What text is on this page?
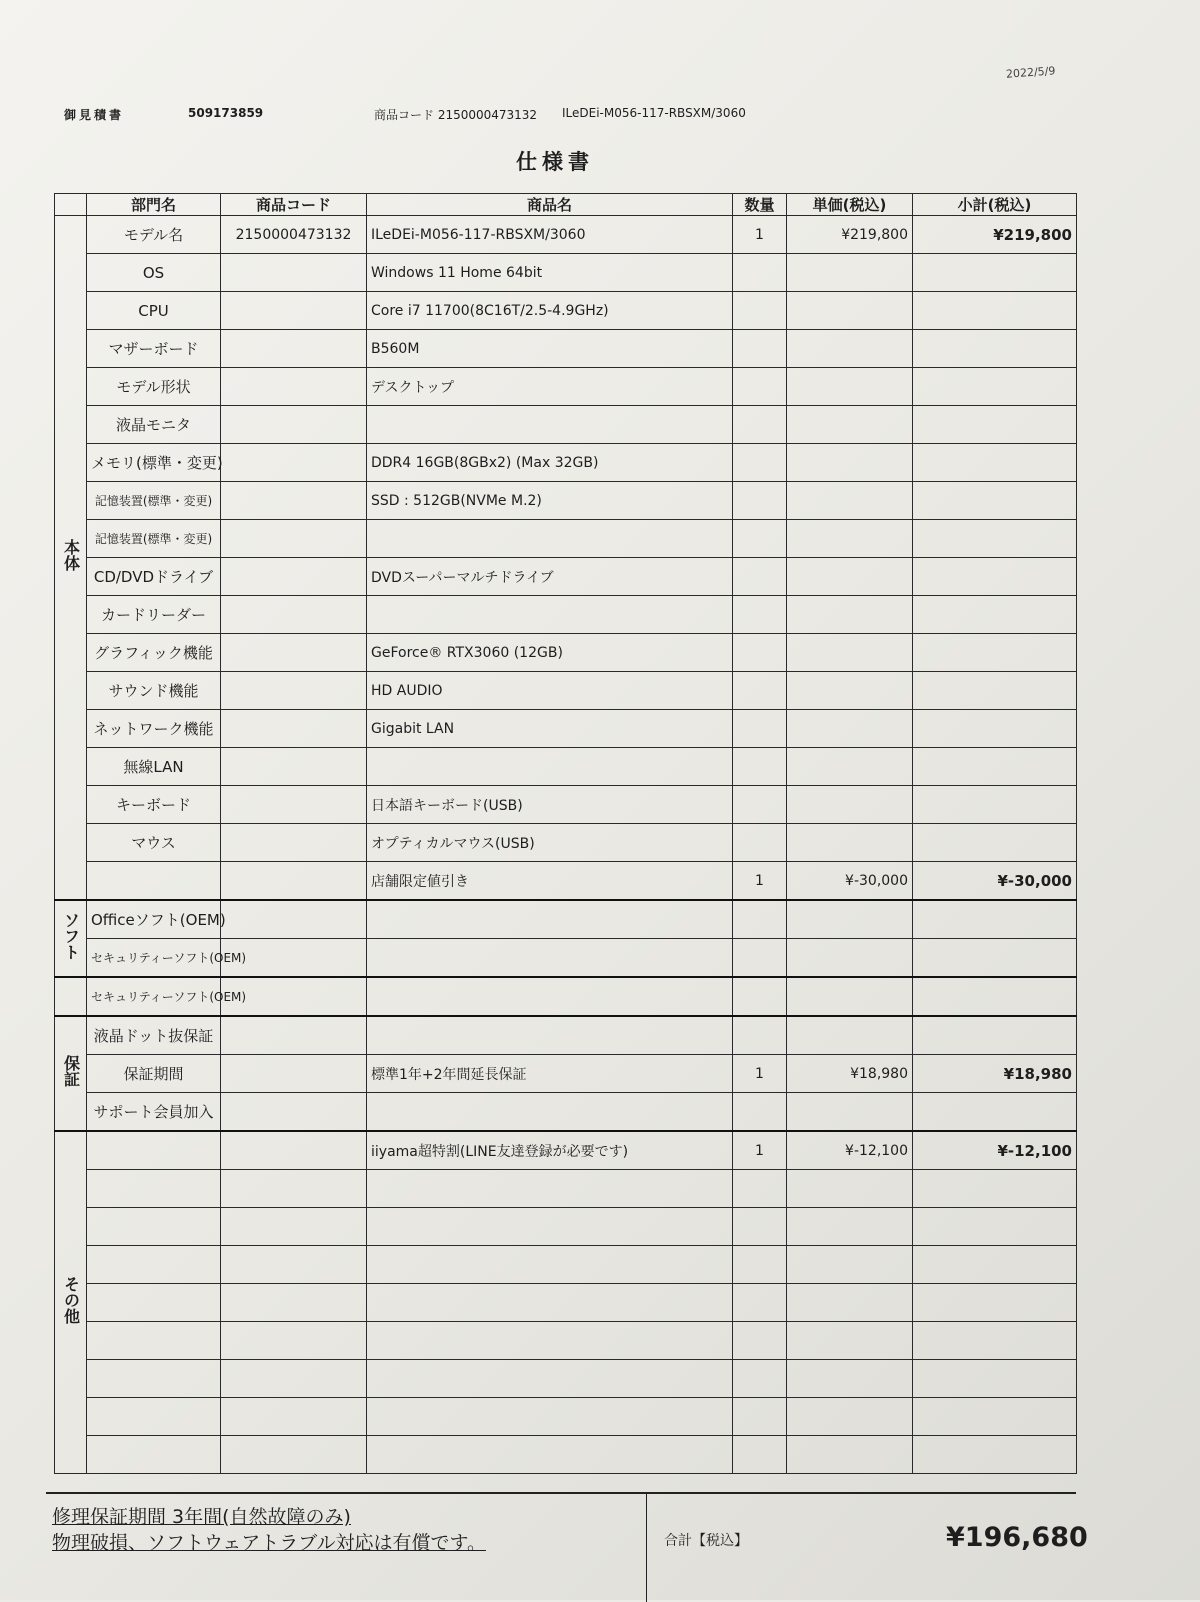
2022/5/9
御見積書	509173859	商品コード 2150000473132 ILeDEi-M056-117-RBSXM/3060
仕様書
	部門名	商品コード	商品名	数量	単価(税込)	小計(税込)
本体	モデル名	2150000473132	ILeDEi-M056-117-RBSXM/3060	1	¥219,800	¥219,800
	OS		Windows 11 Home 64bit			
	CPU		Core i7 11700(8C16T/2.5-4.9GHz)			
	マザーボード		B560M			
	モデル形状		デスクトップ			
	液晶モニタ					
	メモリ(標準・変更)		DDR4 16GB(8GBx2) (Max 32GB)			
	記憶装置(標準・変更)		SSD : 512GB(NVMe M.2)			
	記憶装置(標準・変更)					
	CD/DVDドライブ		DVDスーパーマルチドライブ			
	カードリーダー					
	グラフィック機能		GeForce® RTX3060 (12GB)			
	サウンド機能		HD AUDIO			
	ネットワーク機能		Gigabit LAN			
	無線LAN					
	キーボード		日本語キーボード(USB)			
	マウス		オプティカルマウス(USB)			
			店舗限定値引き	1	¥-30,000	¥-30,000
ソフト	Officeソフト(OEM)					
	セキュリティーソフト(OEM)					
	セキュリティーソフト(OEM)					
保証	液晶ドット抜保証					
	保証期間		標準1年+2年間延長保証	1	¥18,980	¥18,980
	サポート会員加入					
その他			iiyama超特割(LINE友達登録が必要です)	1	¥-12,100	¥-12,100

修理保証期間 3年間(自然故障のみ)
物理破損、ソフトウェアトラブル対応は有償です。	合計【税込】	¥196,680
